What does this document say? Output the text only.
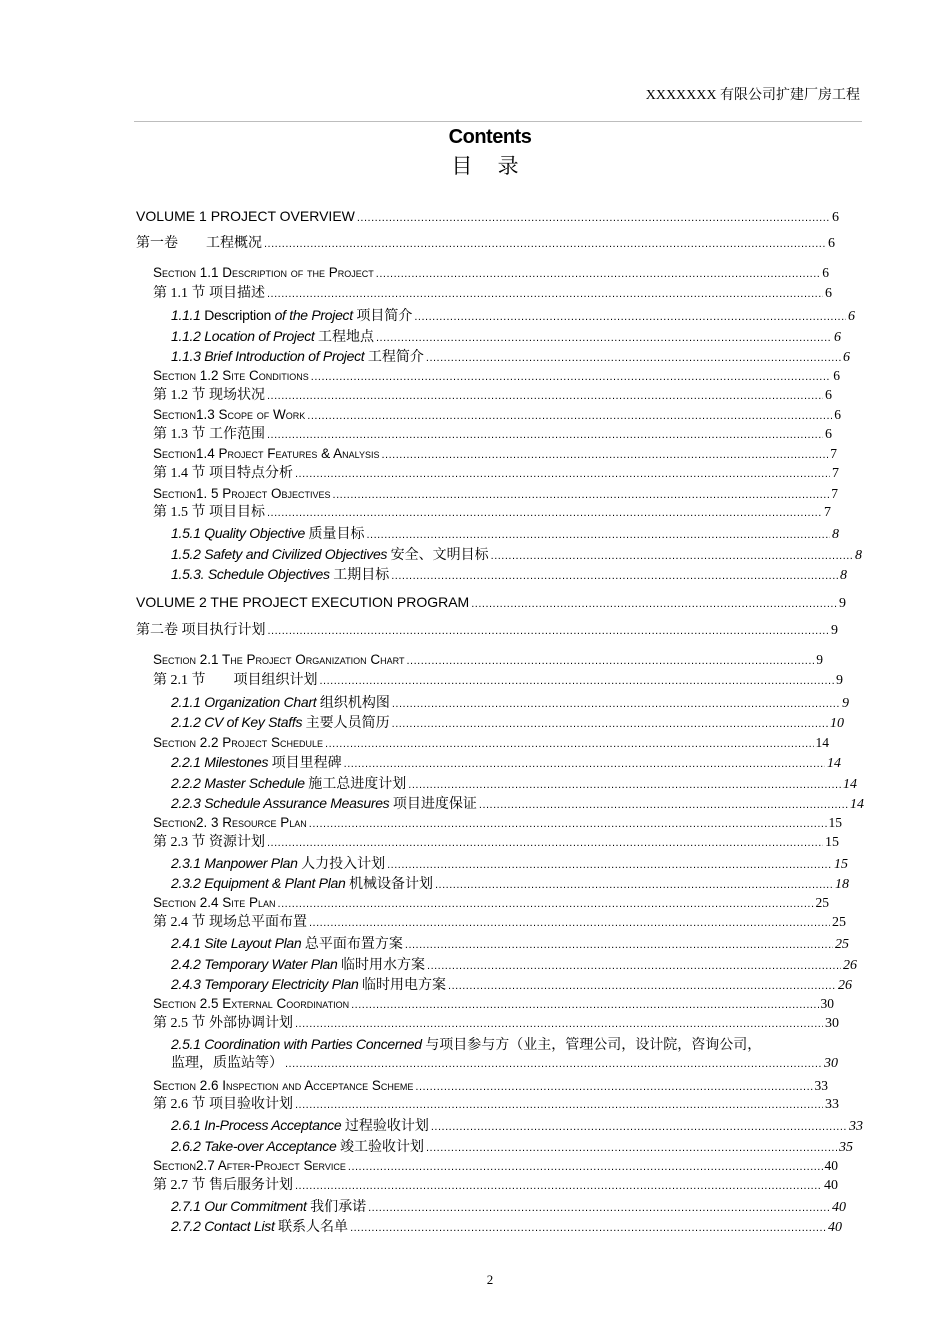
XXXXXXX 有限公司扩建厂房工程
Contents
目 录
VOLUME 1 PROJECT OVERVIEW .....	6
第一卷　　工程概况 .....	6
Section 1.1 Description of the Project .....	6
第 1.1 节 项目描述 .....	6
1.1.1 Description of the Project 项目简介 .....	6
1.1.2 Location of Project 工程地点 .....	6
1.1.3 Brief Introduction of Project 工程简介 .....	6
Section 1.2 Site Conditions .....	6
第 1.2 节 现场状况 .....	6
Section1.3 Scope of Work .....	6
第 1.3 节 工作范围 .....	6
Section1.4 Project Features & Analysis .....	7
第 1.4 节 项目特点分析 .....	7
Section1. 5 Project Objectives .....	7
第 1.5 节 项目目标 .....	7
1.5.1 Quality Objective 质量目标 .....	8
1.5.2 Safety and Civilized Objectives 安全、文明目标 .....	8
1.5.3. Schedule Objectives 工期目标 .....	8
VOLUME 2 THE PROJECT EXECUTION PROGRAM .....	9
第二卷 项目执行计划 .....	9
Section 2.1 The Project Organization Chart .....	9
第 2.1 节　　项目组织计划 .....	9
2.1.1 Organization Chart 组织机构图 .....	9
2.1.2 CV of Key Staffs 主要人员简历 .....	10
Section 2.2 Project Schedule .....	14
2.2.1 Milestones 项目里程碑 .....	14
2.2.2 Master Schedule 施工总进度计划 .....	14
2.2.3 Schedule Assurance Measures 项目进度保证 .....	14
Section2. 3 Resource Plan .....	15
第 2.3 节 资源计划 .....	15
2.3.1 Manpower Plan 人力投入计划 .....	15
2.3.2 Equipment & Plant Plan 机械设备计划 .....	18
Section 2.4 Site Plan .....	25
第 2.4 节 现场总平面布置 .....	25
2.4.1 Site Layout Plan 总平面布置方案 .....	25
2.4.2 Temporary Water Plan 临时用水方案 .....	26
2.4.3 Temporary Electricity Plan 临时用电方案 .....	26
Section 2.5 External Coordination .....	30
第 2.5 节 外部协调计划 .....	30
2.5.1 Coordination with Parties Concerned 与项目参与方（业主，管理公司，设计院，咨询公司，
监理，质监站等） .....	30
Section 2.6 Inspection and Acceptance Scheme .....	33
第 2.6 节 项目验收计划 .....	33
2.6.1 In-Process Acceptance 过程验收计划 .....	33
2.6.2 Take-over Acceptance 竣工验收计划 .....	35
Section2.7 After-Project Service .....	40
第 2.7 节 售后服务计划 .....	40
2.7.1 Our Commitment 我们承诺 .....	40
2.7.2 Contact List 联系人名单 .....	40
2
